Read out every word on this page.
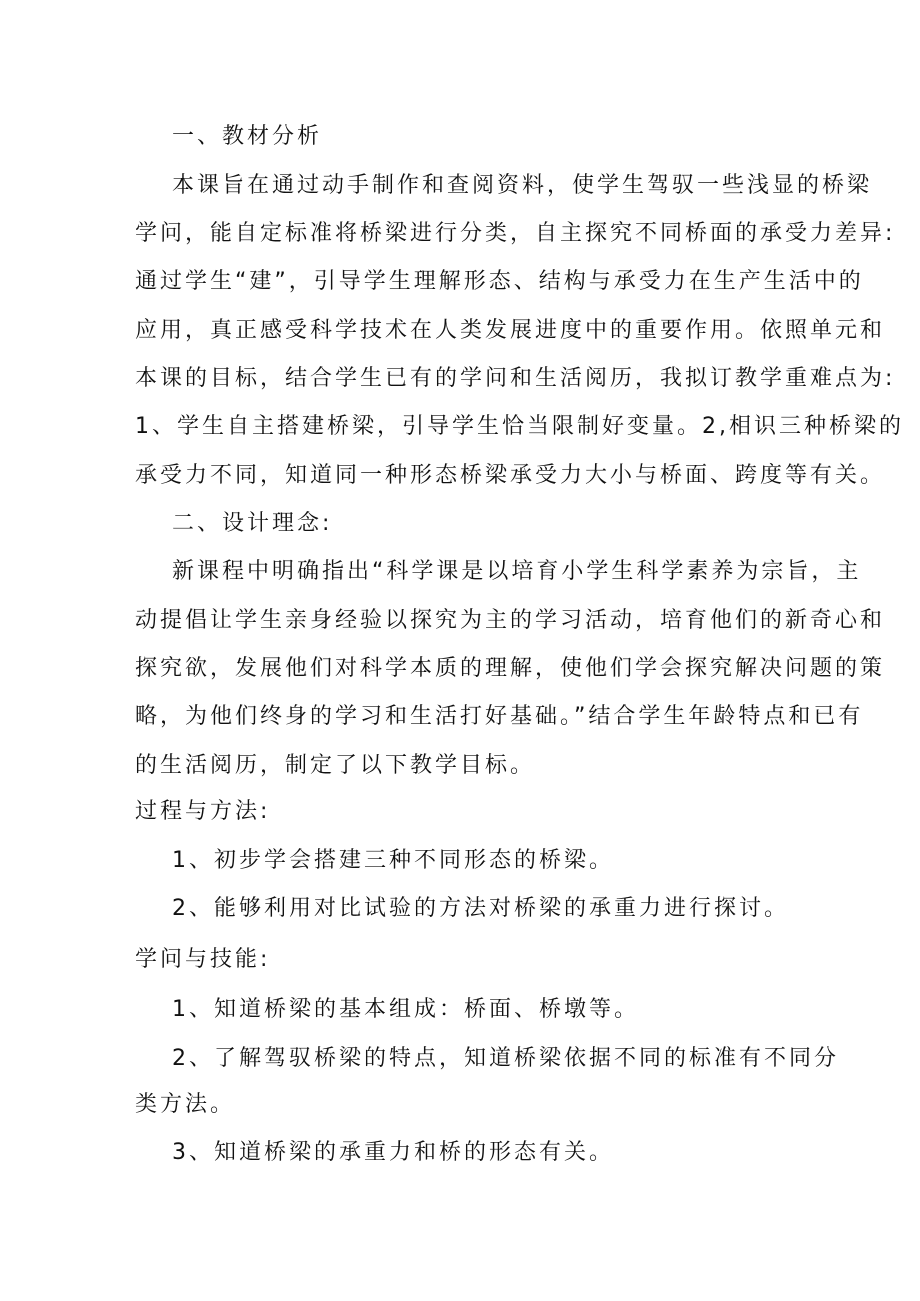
一、教材分析
本课旨在通过动手制作和查阅资料，使学生驾驭一些浅显的桥梁
学问，能自定标准将桥梁进行分类，自主探究不同桥面的承受力差异:
通过学生“建”，引导学生理解形态、结构与承受力在生产生活中的
应用，真正感受科学技术在人类发展进度中的重要作用。依照单元和
本课的目标，结合学生已有的学问和生活阅历，我拟订教学重难点为:
1、学生自主搭建桥梁，引导学生恰当限制好变量。2,相识三种桥梁的
承受力不同，知道同一种形态桥梁承受力大小与桥面、跨度等有关。
二、设计理念:
新课程中明确指出“科学课是以培育小学生科学素养为宗旨，主
动提倡让学生亲身经验以探究为主的学习活动，培育他们的新奇心和
探究欲，发展他们对科学本质的理解，使他们学会探究解决问题的策
略，为他们终身的学习和生活打好基础。”结合学生年龄特点和已有
的生活阅历，制定了以下教学目标。
过程与方法:
1、初步学会搭建三种不同形态的桥梁。
2、能够利用对比试验的方法对桥梁的承重力进行探讨。
学问与技能:
1、知道桥梁的基本组成：桥面、桥墩等。
2、了解驾驭桥梁的特点，知道桥梁依据不同的标准有不同分
类方法。
3、知道桥梁的承重力和桥的形态有关。
